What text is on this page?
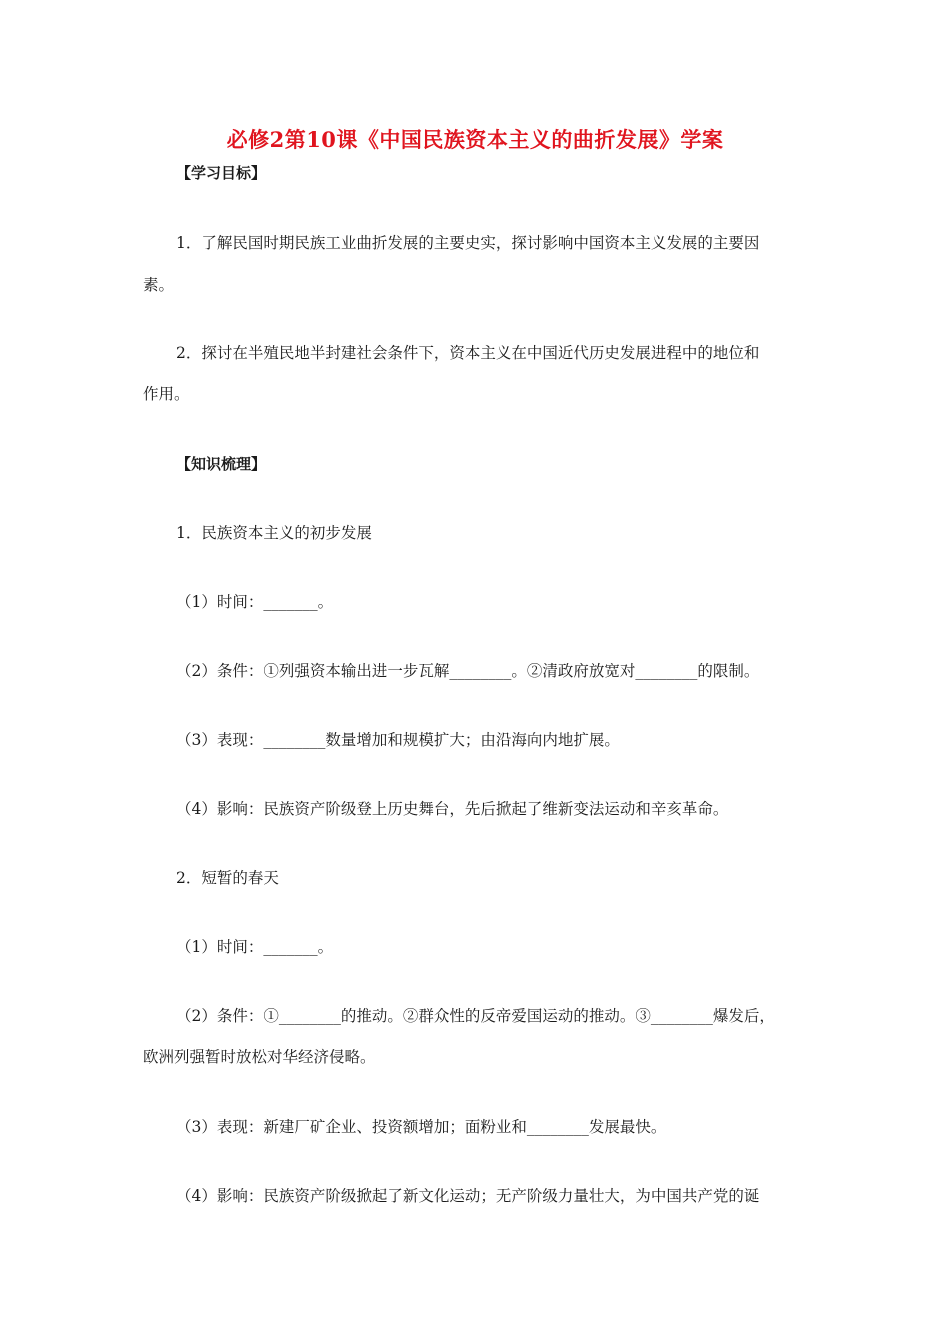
必修2第10课《中国民族资本主义的曲折发展》学案
【学习目标】
1．了解民国时期民族工业曲折发展的主要史实，探讨影响中国资本主义发展的主要因
素。
2．探讨在半殖民地半封建社会条件下，资本主义在中国近代历史发展进程中的地位和
作用。
【知识梳理】
1．民族资本主义的初步发展
（1）时间：_______。
（2）条件：①列强资本输出进一步瓦解________。②清政府放宽对________的限制。
（3）表现：________数量增加和规模扩大；由沿海向内地扩展。
（4）影响：民族资产阶级登上历史舞台，先后掀起了维新变法运动和辛亥革命。
2．短暂的春天
（1）时间：_______。
（2）条件：①________的推动。②群众性的反帝爱国运动的推动。③________爆发后，
欧洲列强暂时放松对华经济侵略。
（3）表现：新建厂矿企业、投资额增加；面粉业和________发展最快。
（4）影响：民族资产阶级掀起了新文化运动；无产阶级力量壮大，为中国共产党的诞
